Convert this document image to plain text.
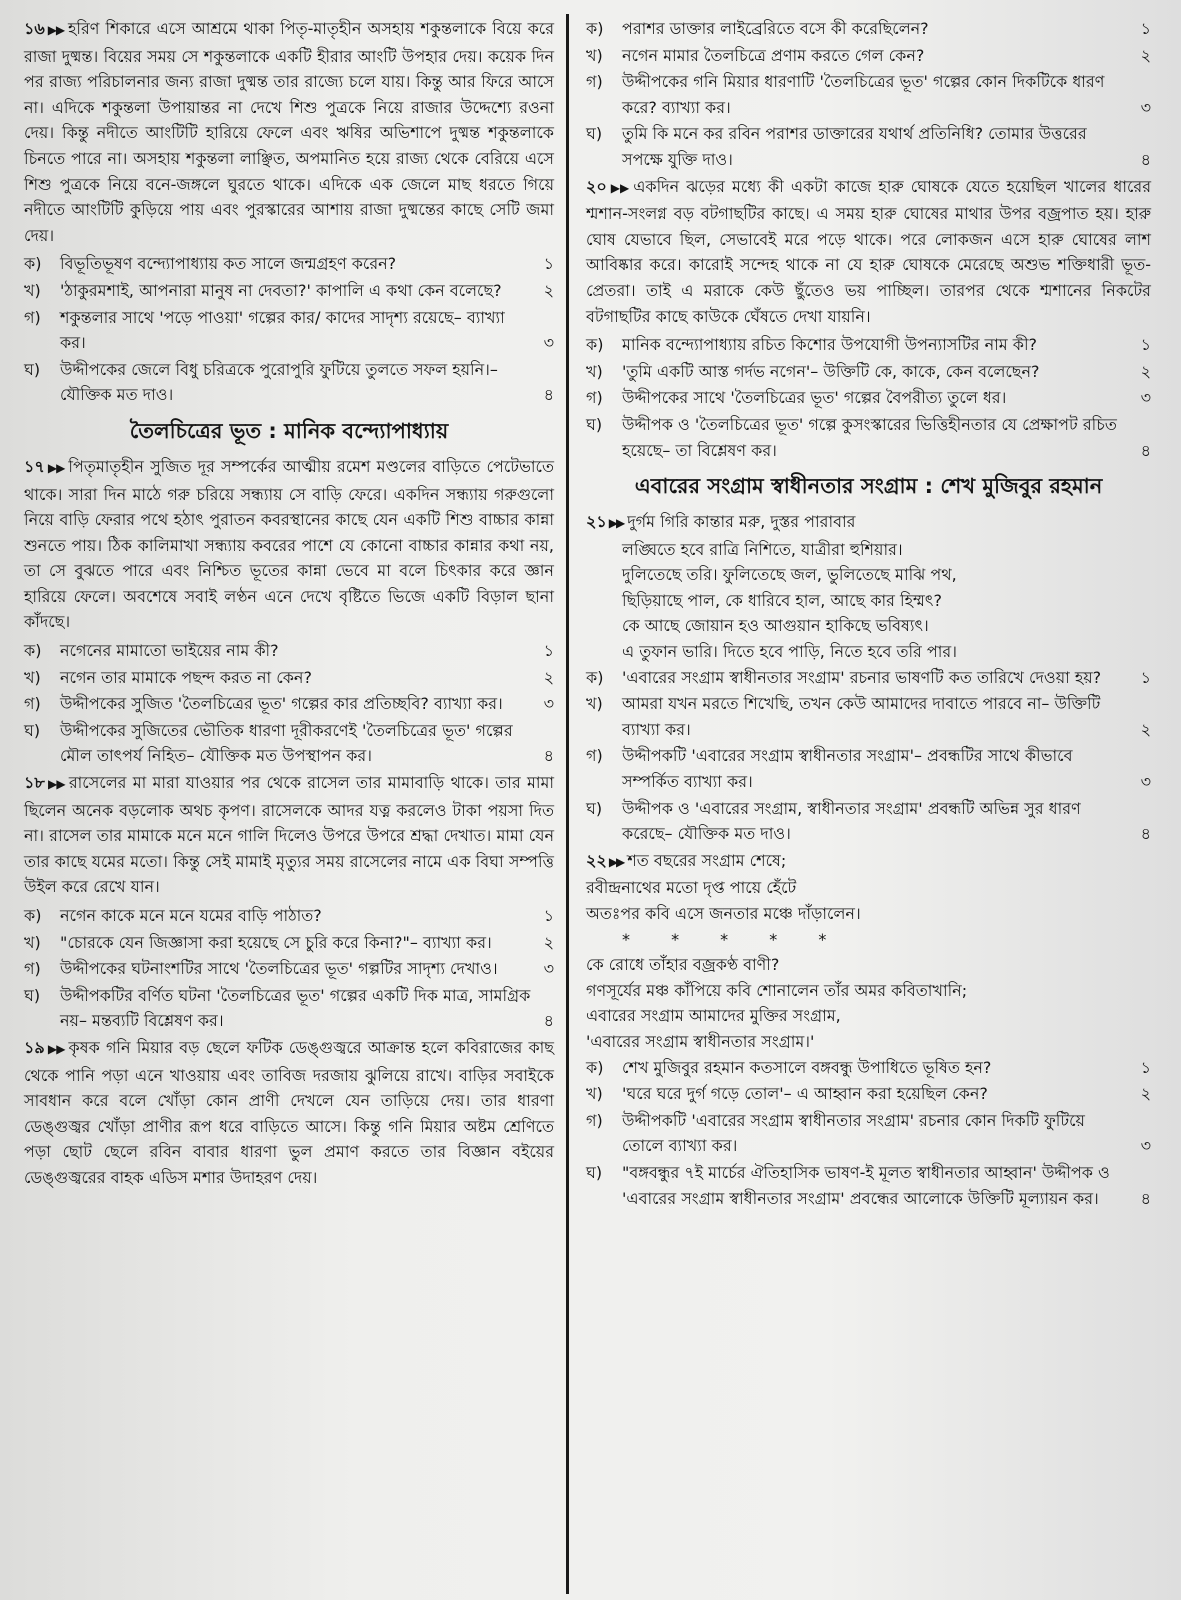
১৬ ▶▶ হরিণ শিকারে এসে আশ্রমে থাকা পিতৃ-মাতৃহীন অসহায় শকুন্তলাকে বিয়ে করে রাজা দুষ্মন্ত। বিয়ের সময় সে শকুন্তলাকে একটি হীরার আংটি উপহার দেয়। কয়েক দিন পর রাজ্য পরিচালনার জন্য রাজা দুষ্মন্ত তার রাজ্যে চলে যায়। কিন্তু আর ফিরে আসে না। এদিকে শকুন্তলা উপায়ান্তর না দেখে শিশু পুত্রকে নিয়ে রাজার উদ্দেশ্যে রওনা দেয়। কিন্তু নদীতে আংটিটি হারিয়ে ফেলে এবং ঋষির অভিশাপে দুষ্মন্ত শকুন্তলাকে চিনতে পারে না। অসহায় শকুন্তলা লাঞ্ছিত, অপমানিত হয়ে রাজ্য থেকে বেরিয়ে এসে শিশু পুত্রকে নিয়ে বনে-জঙ্গলে ঘুরতে থাকে। এদিকে এক জেলে মাছ ধরতে গিয়ে নদীতে আংটিটি কুড়িয়ে পায় এবং পুরস্কারের আশায় রাজা দুষ্মন্তের কাছে সেটি জমা দেয়।

ক)	বিভূতিভূষণ বন্দ্যোপাধ্যায় কত সালে জন্মগ্রহণ করেন?	১
খ)	'ঠাকুরমশাই, আপনারা মানুষ না দেবতা?' কাপালি এ কথা কেন বলেছে?	২
গ)	শকুন্তলার সাথে 'পড়ে পাওয়া' গল্পের কার/ কাদের সাদৃশ্য রয়েছে– ব্যাখ্যা কর।	৩
ঘ)	উদ্দীপকের জেলে বিধু চরিত্রকে পুরোপুরি ফুটিয়ে তুলতে সফল হয়নি।– যৌক্তিক মত দাও।	৪
তৈলচিত্রের ভূত : মানিক বন্দ্যোপাধ্যায়

১৭ ▶▶ পিতৃমাতৃহীন সুজিত দূর সম্পর্কের আত্মীয় রমেশ মণ্ডলের বাড়িতে পেটেভাতে থাকে। সারা দিন মাঠে গরু চরিয়ে সন্ধ্যায় সে বাড়ি ফেরে। একদিন সন্ধ্যায় গরুগুলো নিয়ে বাড়ি ফেরার পথে হঠাৎ পুরাতন কবরস্থানের কাছে যেন একটি শিশু বাচ্চার কান্না শুনতে পায়। ঠিক কালিমাখা সন্ধ্যায় কবরের পাশে যে কোনো বাচ্চার কান্নার কথা নয়, তা সে বুঝতে পারে এবং নিশ্চিত ভূতের কান্না ভেবে মা বলে চিৎকার করে জ্ঞান হারিয়ে ফেলে। অবশেষে সবাই লণ্ঠন এনে দেখে বৃষ্টিতে ভিজে একটি বিড়াল ছানা কাঁদছে।

ক)	নগেনের মামাতো ভাইয়ের নাম কী?	১
খ)	নগেন তার মামাকে পছন্দ করত না কেন?	২
গ)	উদ্দীপকের সুজিত 'তৈলচিত্রের ভূত' গল্পের কার প্রতিচ্ছবি? ব্যাখ্যা কর।	৩
ঘ)	উদ্দীপকের সুজিতের ভৌতিক ধারণা দূরীকরণেই 'তৈলচিত্রের ভূত' গল্পের মৌল তাৎপর্য নিহিত– যৌক্তিক মত উপস্থাপন কর।	৪

১৮ ▶▶ রাসেলের মা মারা যাওয়ার পর থেকে রাসেল তার মামাবাড়ি থাকে। তার মামা ছিলেন অনেক বড়লোক অথচ কৃপণ। রাসেলকে আদর যত্ন করলেও টাকা পয়সা দিত না। রাসেল তার মামাকে মনে মনে গালি দিলেও উপরে উপরে শ্রদ্ধা দেখাত। মামা যেন তার কাছে যমের মতো। কিন্তু সেই মামাই মৃত্যুর সময় রাসেলের নামে এক বিঘা সম্পত্তি উইল করে রেখে যান।

ক)	নগেন কাকে মনে মনে যমের বাড়ি পাঠাত?	১
খ)	"চোরকে যেন জিজ্ঞাসা করা হয়েছে সে চুরি করে কিনা?"– ব্যাখ্যা কর।	২
গ)	উদ্দীপকের ঘটনাংশটির সাথে 'তৈলচিত্রের ভূত' গল্পটির সাদৃশ্য দেখাও।	৩
ঘ)	উদ্দীপকটির বর্ণিত ঘটনা 'তৈলচিত্রের ভূত' গল্পের একটি দিক মাত্র, সামগ্রিক নয়– মন্তব্যটি বিশ্লেষণ কর।	৪

১৯ ▶▶ কৃষক গনি মিয়ার বড় ছেলে ফটিক ডেঙ্গুজ্বরে আক্রান্ত হলে কবিরাজের কাছ থেকে পানি পড়া এনে খাওয়ায় এবং তাবিজ দরজায় ঝুলিয়ে রাখে। বাড়ির সবাইকে সাবধান করে বলে খোঁড়া কোন প্রাণী দেখলে যেন তাড়িয়ে দেয়। তার ধারণা ডেঙ্গুজ্বর খোঁড়া প্রাণীর রূপ ধরে বাড়িতে আসে। কিন্তু গনি মিয়ার অষ্টম শ্রেণিতে পড়া ছোট ছেলে রবিন বাবার ধারণা ভুল প্রমাণ করতে তার বিজ্ঞান বইয়ের ডেঙ্গুজ্বরের বাহক এডিস মশার উদাহরণ দেয়।

ক)	পরাশর ডাক্তার লাইব্রেরিতে বসে কী করেছিলেন?	১
খ)	নগেন মামার তৈলচিত্রে প্রণাম করতে গেল কেন?	২
গ)	উদ্দীপকের গনি মিয়ার ধারণাটি 'তৈলচিত্রের ভূত' গল্পের কোন দিকটিকে ধারণ করে? ব্যাখ্যা কর।	৩
ঘ)	তুমি কি মনে কর রবিন পরাশর ডাক্তারের যথার্থ প্রতিনিধি? তোমার উত্তরের সপক্ষে যুক্তি দাও।	৪

২০ ▶▶ একদিন ঝড়ের মধ্যে কী একটা কাজে হারু ঘোষকে যেতে হয়েছিল খালের ধারের শ্মশান-সংলগ্ন বড় বটগাছটির কাছে। এ সময় হারু ঘোষের মাথার উপর বজ্রপাত হয়। হারু ঘোষ যেভাবে ছিল, সেভাবেই মরে পড়ে থাকে। পরে লোকজন এসে হারু ঘোষের লাশ আবিষ্কার করে। কারোই সন্দেহ থাকে না যে হারু ঘোষকে মেরেছে অশুভ শক্তিধারী ভূত-প্রেতরা। তাই এ মরাকে কেউ ছুঁতেও ভয় পাচ্ছিল। তারপর থেকে শ্মশানের নিকটের বটগাছটির কাছে কাউকে ঘেঁষতে দেখা যায়নি।

ক)	মানিক বন্দ্যোপাধ্যায় রচিত কিশোর উপযোগী উপন্যাসটির নাম কী?	১
খ)	'তুমি একটি আস্ত গর্দভ নগেন'– উক্তিটি কে, কাকে, কেন বলেছেন?	২
গ)	উদ্দীপকের সাথে 'তৈলচিত্রের ভূত' গল্পের বৈপরীত্য তুলে ধর।	৩
ঘ)	উদ্দীপক ও 'তৈলচিত্রের ভূত' গল্পে কুসংস্কারের ভিত্তিহীনতার যে প্রেক্ষাপট রচিত হয়েছে– তা বিশ্লেষণ কর।	৪
এবারের সংগ্রাম স্বাধীনতার সংগ্রাম : শেখ মুজিবুর রহমান
২১ ▶▶ দুর্গম গিরি কান্তার মরু, দুস্তর পারাবার
লঙ্ঘিতে হবে রাত্রি নিশিতে, যাত্রীরা হুশিয়ার।
দুলিতেছে তরি। ফুলিতেছে জল, ভুলিতেছে মাঝি পথ,
ছিড়িয়াছে পাল, কে ধারিবে হাল, আছে কার হিম্মৎ?
কে আছে জোয়ান হও আগুয়ান হাকিছে ভবিষ্যৎ।
এ তুফান ভারি। দিতে হবে পাড়ি, নিতে হবে তরি পার।
ক)	'এবারের সংগ্রাম স্বাধীনতার সংগ্রাম' রচনার ভাষণটি কত তারিখে দেওয়া হয়?	১
খ)	আমরা যখন মরতে শিখেছি, তখন কেউ আমাদের দাবাতে পারবে না– উক্তিটি ব্যাখ্যা কর।	২
গ)	উদ্দীপকটি 'এবারের সংগ্রাম স্বাধীনতার সংগ্রাম'– প্রবন্ধটির সাথে কীভাবে সম্পর্কিত ব্যাখ্যা কর।	৩
ঘ)	উদ্দীপক ও 'এবারের সংগ্রাম, স্বাধীনতার সংগ্রাম' প্রবন্ধটি অভিন্ন সুর ধারণ করেছে– যৌক্তিক মত দাও।	৪
২২ ▶▶ শত বছরের সংগ্রাম শেষে;
রবীন্দ্রনাথের মতো দৃপ্ত পায়ে হেঁটে
অতঃপর কবি এসে জনতার মঞ্চে দাঁড়ালেন।
* * * * *
কে রোধে তাঁহার বজ্রকণ্ঠ বাণী?
গণসূর্যের মঞ্চ কাঁপিয়ে কবি শোনালেন তাঁর অমর কবিতাখানি;
এবারের সংগ্রাম আমাদের মুক্তির সংগ্রাম,
'এবারের সংগ্রাম স্বাধীনতার সংগ্রাম।'
ক)	শেখ মুজিবুর রহমান কতসালে বঙ্গবন্ধু উপাধিতে ভূষিত হন?	১
খ)	'ঘরে ঘরে দুর্গ গড়ে তোল'– এ আহ্বান করা হয়েছিল কেন?	২
গ)	উদ্দীপকটি 'এবারের সংগ্রাম স্বাধীনতার সংগ্রাম' রচনার কোন দিকটি ফুটিয়ে তোলে ব্যাখ্যা কর।	৩
ঘ)	"বঙ্গবন্ধুর ৭ই মার্চের ঐতিহাসিক ভাষণ-ই মূলত স্বাধীনতার আহ্বান' উদ্দীপক ও 'এবারের সংগ্রাম স্বাধীনতার সংগ্রাম' প্রবন্ধের আলোকে উক্তিটি মূল্যায়ন কর।	৪
